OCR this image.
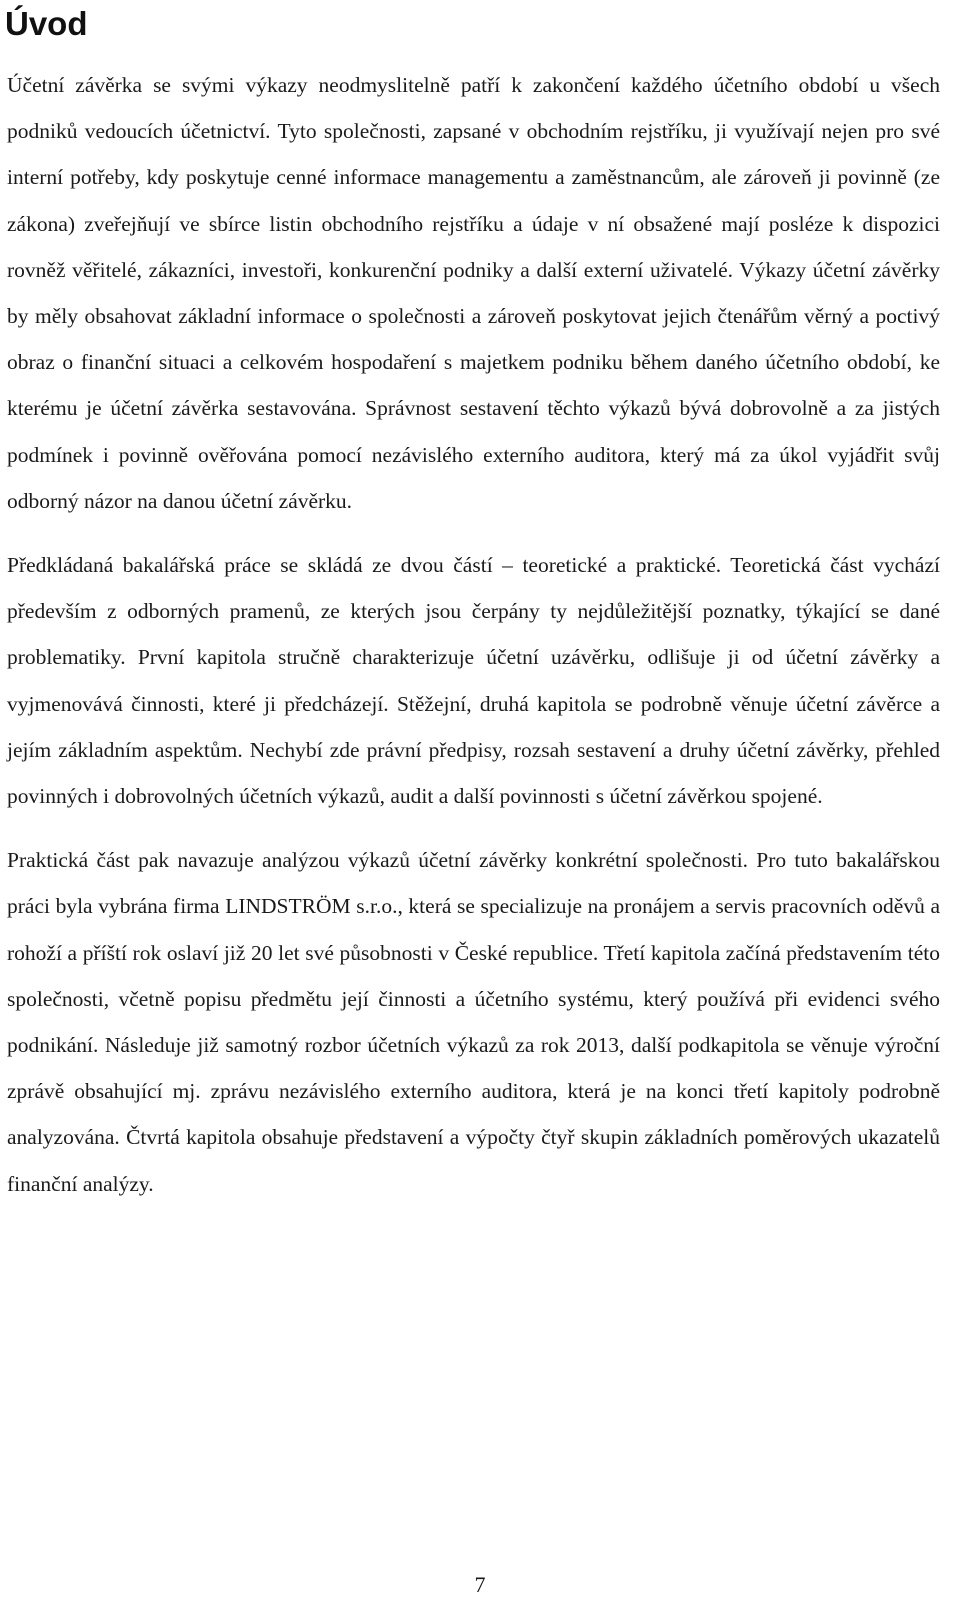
Úvod

Účetní závěrka se svými výkazy neodmyslitelně patří k zakončení každého účetního období u všech podniků vedoucích účetnictví. Tyto společnosti, zapsané v obchodním rejstříku, ji využívají nejen pro své interní potřeby, kdy poskytuje cenné informace managementu a zaměstnancům, ale zároveň ji povinně (ze zákona) zveřejňují ve sbírce listin obchodního rejstříku a údaje v ní obsažené mají posléze k dispozici rovněž věřitelé, zákazníci, investoři, konkurenční podniky a další externí uživatelé. Výkazy účetní závěrky by měly obsahovat základní informace o společnosti a zároveň poskytovat jejich čtenářům věrný a poctivý obraz o finanční situaci a celkovém hospodaření s majetkem podniku během daného účetního období, ke kterému je účetní závěrka sestavována. Správnost sestavení těchto výkazů bývá dobrovolně a za jistých podmínek i povinně ověřována pomocí nezávislého externího auditora, který má za úkol vyjádřit svůj odborný názor na danou účetní závěrku.

Předkládaná bakalářská práce se skládá ze dvou částí – teoretické a praktické. Teoretická část vychází především z odborných pramenů, ze kterých jsou čerpány ty nejdůležitější poznatky, týkající se dané problematiky. První kapitola stručně charakterizuje účetní uzávěrku, odlišuje ji od účetní závěrky a vyjmenovává činnosti, které ji předcházejí. Stěžejní, druhá kapitola se podrobně věnuje účetní závěrce a jejím základním aspektům. Nechybí zde právní předpisy, rozsah sestavení a druhy účetní závěrky, přehled povinných i dobrovolných účetních výkazů, audit a další povinnosti s účetní závěrkou spojené.

Praktická část pak navazuje analýzou výkazů účetní závěrky konkrétní společnosti. Pro tuto bakalářskou práci byla vybrána firma LINDSTRÖM s.r.o., která se specializuje na pronájem a servis pracovních oděvů a rohoží a příští rok oslaví již 20 let své působnosti v České republice. Třetí kapitola začíná představením této společnosti, včetně popisu předmětu její činnosti a účetního systému, který používá při evidenci svého podnikání. Následuje již samotný rozbor účetních výkazů za rok 2013, další podkapitola se věnuje výroční zprávě obsahující mj. zprávu nezávislého externího auditora, která je na konci třetí kapitoly podrobně analyzována. Čtvrtá kapitola obsahuje představení a výpočty čtyř skupin základních poměrových ukazatelů finanční analýzy.

7
